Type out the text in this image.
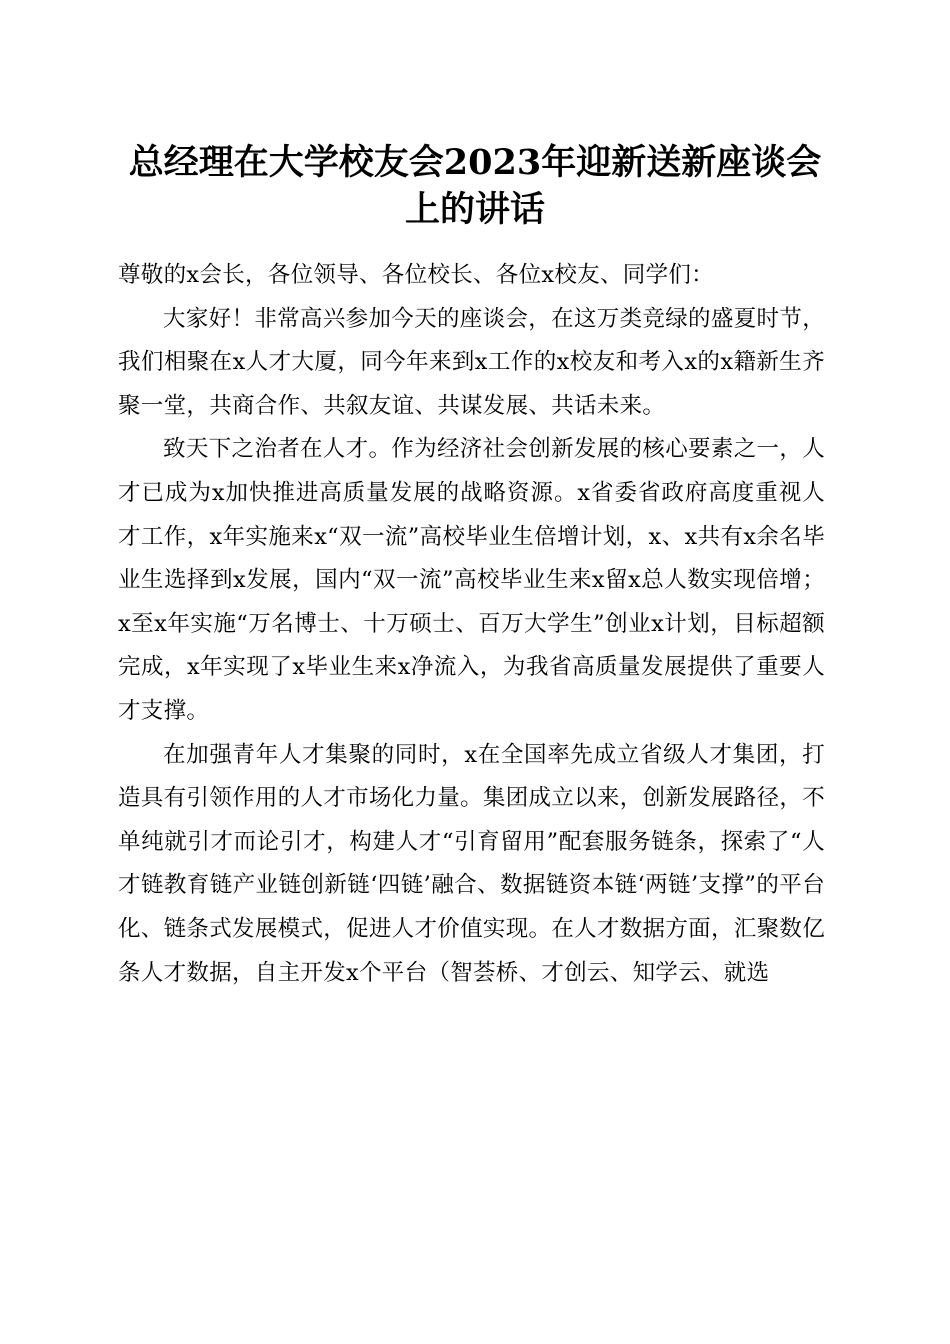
总经理在大学校友会2023年迎新送新座谈会
上的讲话

尊敬的x会长，各位领导、各位校长、各位x校友、同学们：

大家好！非常高兴参加今天的座谈会，在这万类竞绿的盛夏时节，我们相聚在x人才大厦，同今年来到x工作的x校友和考入x的x籍新生齐聚一堂，共商合作、共叙友谊、共谋发展、共话未来。

致天下之治者在人才。作为经济社会创新发展的核心要素之一，人才已成为x加快推进高质量发展的战略资源。x省委省政府高度重视人才工作，x年实施来x“双一流”高校毕业生倍增计划，x、x共有x余名毕业生选择到x发展，国内“双一流”高校毕业生来x留x总人数实现倍增；x至x年实施“万名博士、十万硕士、百万大学生”创业x计划，目标超额完成，x年实现了x毕业生来x净流入，为我省高质量发展提供了重要人才支撑。

在加强青年人才集聚的同时，x在全国率先成立省级人才集团，打造具有引领作用的人才市场化力量。集团成立以来，创新发展路径，不单纯就引才而论引才，构建人才“引育留用”配套服务链条，探索了“人才链教育链产业链创新链‘四链’融合、数据链资本链‘两链’支撑”的平台化、链条式发展模式，促进人才价值实现。在人才数据方面，汇聚数亿条人才数据，自主开发x个平台（智荟桥、才创云、知学云、就选
